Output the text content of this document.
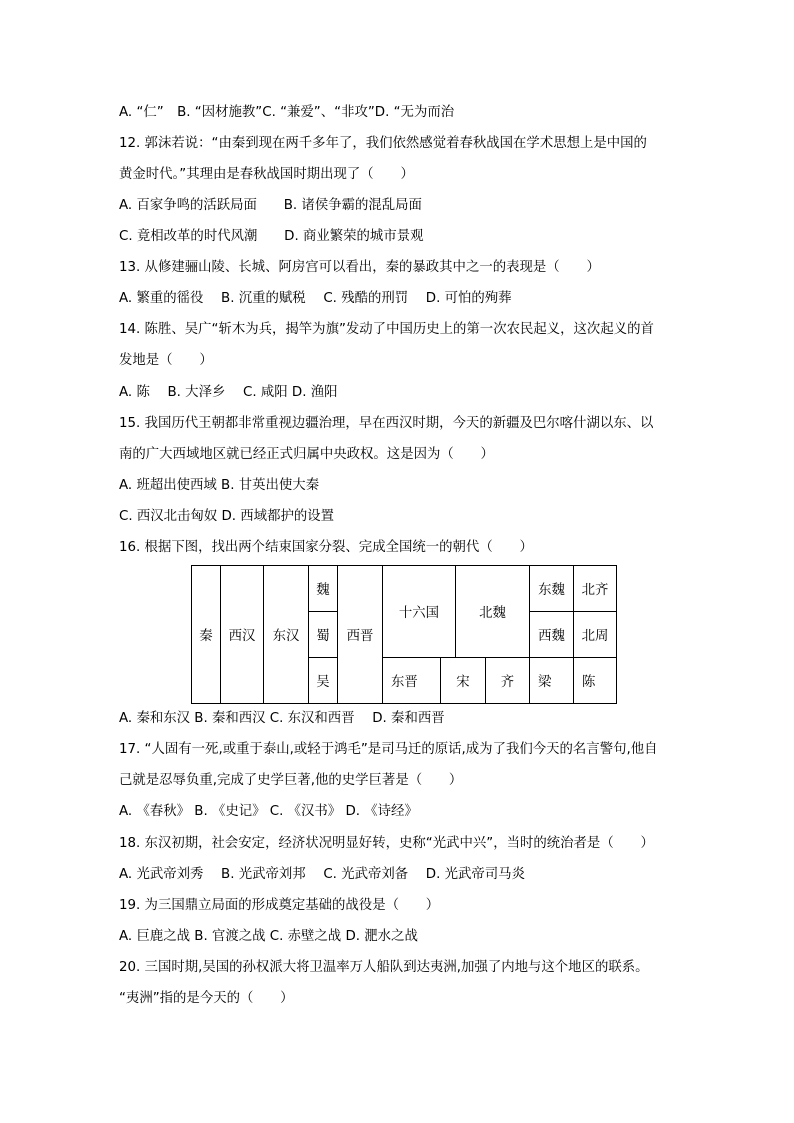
A. “仁”　B. “因材施教”C. “兼爱”、“非攻”D. “无为而治
12. 郭沫若说：“由秦到现在两千多年了，我们依然感觉着春秋战国在学术思想上是中国的
黄金时代。”其理由是春秋战国时期出现了（　　）
A. 百家争鸣的活跃局面　　B. 诸侯争霸的混乱局面
C. 竟相改革的时代风潮　　D. 商业繁荣的城市景观
13. 从修建骊山陵、长城、阿房宫可以看出，秦的暴政其中之一的表现是（　　）
A. 繁重的徭役　 B. 沉重的赋税　 C. 残酷的刑罚　 D. 可怕的殉葬
14. 陈胜、吴广“斩木为兵，揭竿为旗”发动了中国历史上的第一次农民起义，这次起义的首
发地是（　　）
A. 陈　 B. 大泽乡　 C. 咸阳 D. 渔阳
15. 我国历代王朝都非常重视边疆治理，早在西汉时期，今天的新疆及巴尔喀什湖以东、以
南的广大西域地区就已经正式归属中央政权。这是因为（　　）
A. 班超出使西域 B. 甘英出使大秦
C. 西汉北击匈奴 D. 西域都护的设置
16. 根据下图，找出两个结束国家分裂、完成全国统一的朝代（　　）
秦	西汉	东汉	魏	西晋	十六国		北魏		东魏	北齐
			蜀						西魏	北周
			吴		东晋	宋		齐	梁	陈
A. 秦和东汉 B. 秦和西汉 C. 东汉和西晋　 D. 秦和西晋
17. “人固有一死,或重于泰山,或轻于鸿毛”是司马迁的原话,成为了我们今天的名言警句,他自
己就是忍辱负重,完成了史学巨著,他的史学巨著是（　　）
A. 《春秋》 B. 《史记》 C. 《汉书》 D. 《诗经》
18. 东汉初期，社会安定，经济状况明显好转，史称“光武中兴”，当时的统治者是（　　）
A. 光武帝刘秀　 B. 光武帝刘邦　 C. 光武帝刘备　 D. 光武帝司马炎
19. 为三国鼎立局面的形成奠定基础的战役是（　　）
A. 巨鹿之战 B. 官渡之战 C. 赤壁之战 D. 淝水之战
20. 三国时期,吴国的孙权派大将卫温率万人船队到达夷洲,加强了内地与这个地区的联系。
“夷洲”指的是今天的（　　）
